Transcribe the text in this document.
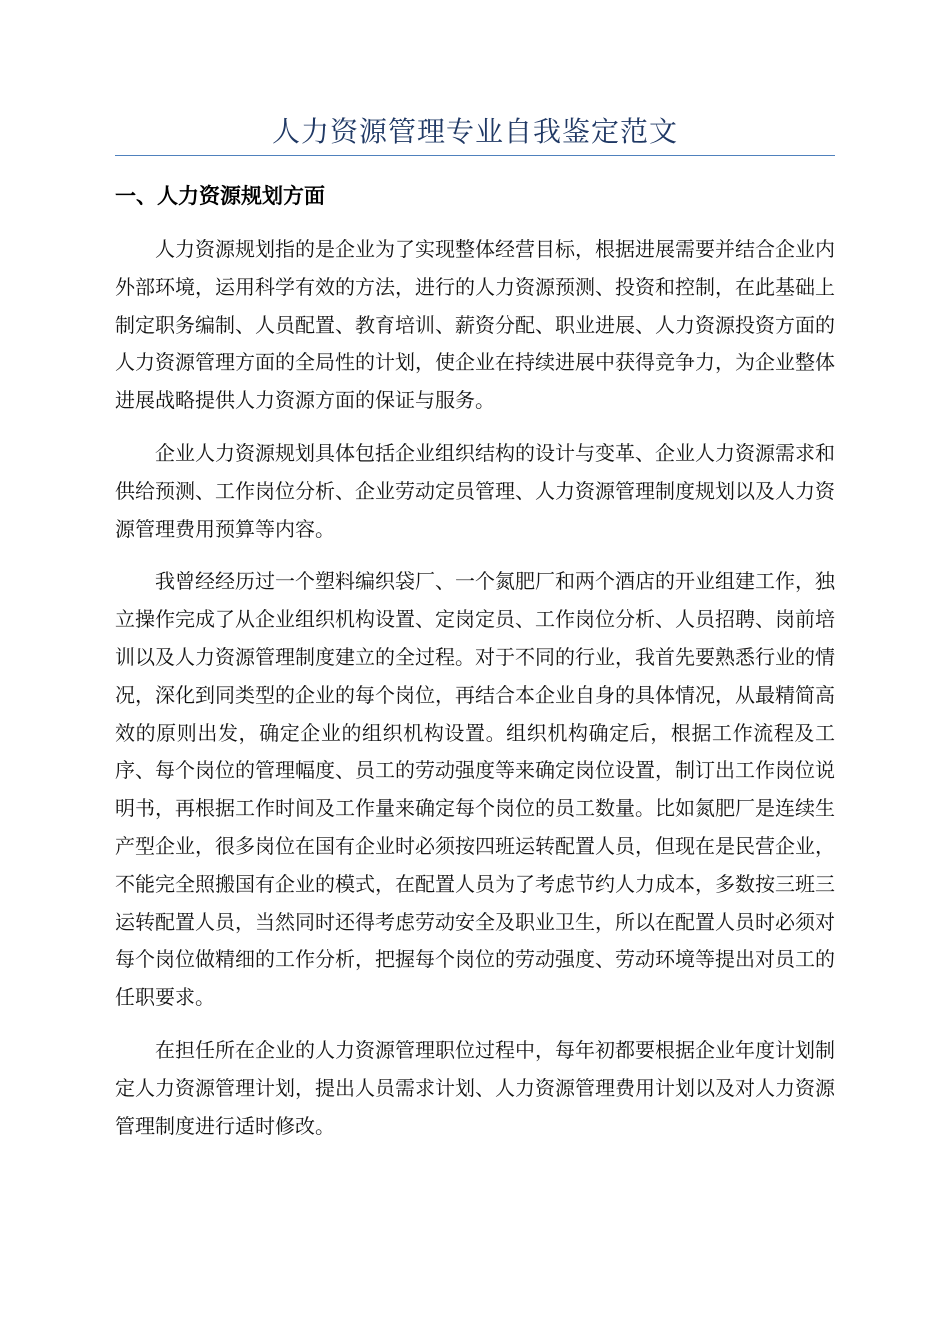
人力资源管理专业自我鉴定范文
一、人力资源规划方面

人力资源规划指的是企业为了实现整体经营目标，根据进展需要并结合企业内外部环境，运用科学有效的方法，进行的人力资源预测、投资和控制，在此基础上制定职务编制、人员配置、教育培训、薪资分配、职业进展、人力资源投资方面的人力资源管理方面的全局性的计划，使企业在持续进展中获得竞争力，为企业整体进展战略提供人力资源方面的保证与服务。

企业人力资源规划具体包括企业组织结构的设计与变革、企业人力资源需求和供给预测、工作岗位分析、企业劳动定员管理、人力资源管理制度规划以及人力资源管理费用预算等内容。

我曾经经历过一个塑料编织袋厂、一个氮肥厂和两个酒店的开业组建工作，独立操作完成了从企业组织机构设置、定岗定员、工作岗位分析、人员招聘、岗前培训以及人力资源管理制度建立的全过程。对于不同的行业，我首先要熟悉行业的情况，深化到同类型的企业的每个岗位，再结合本企业自身的具体情况，从最精简高效的原则出发，确定企业的组织机构设置。组织机构确定后，根据工作流程及工序、每个岗位的管理幅度、员工的劳动强度等来确定岗位设置，制订出工作岗位说明书，再根据工作时间及工作量来确定每个岗位的员工数量。比如氮肥厂是连续生产型企业，很多岗位在国有企业时必须按四班运转配置人员，但现在是民营企业，不能完全照搬国有企业的模式，在配置人员为了考虑节约人力成本，多数按三班三运转配置人员，当然同时还得考虑劳动安全及职业卫生，所以在配置人员时必须对每个岗位做精细的工作分析，把握每个岗位的劳动强度、劳动环境等提出对员工的任职要求。

在担任所在企业的人力资源管理职位过程中，每年初都要根据企业年度计划制定人力资源管理计划，提出人员需求计划、人力资源管理费用计划以及对人力资源管理制度进行适时修改。
